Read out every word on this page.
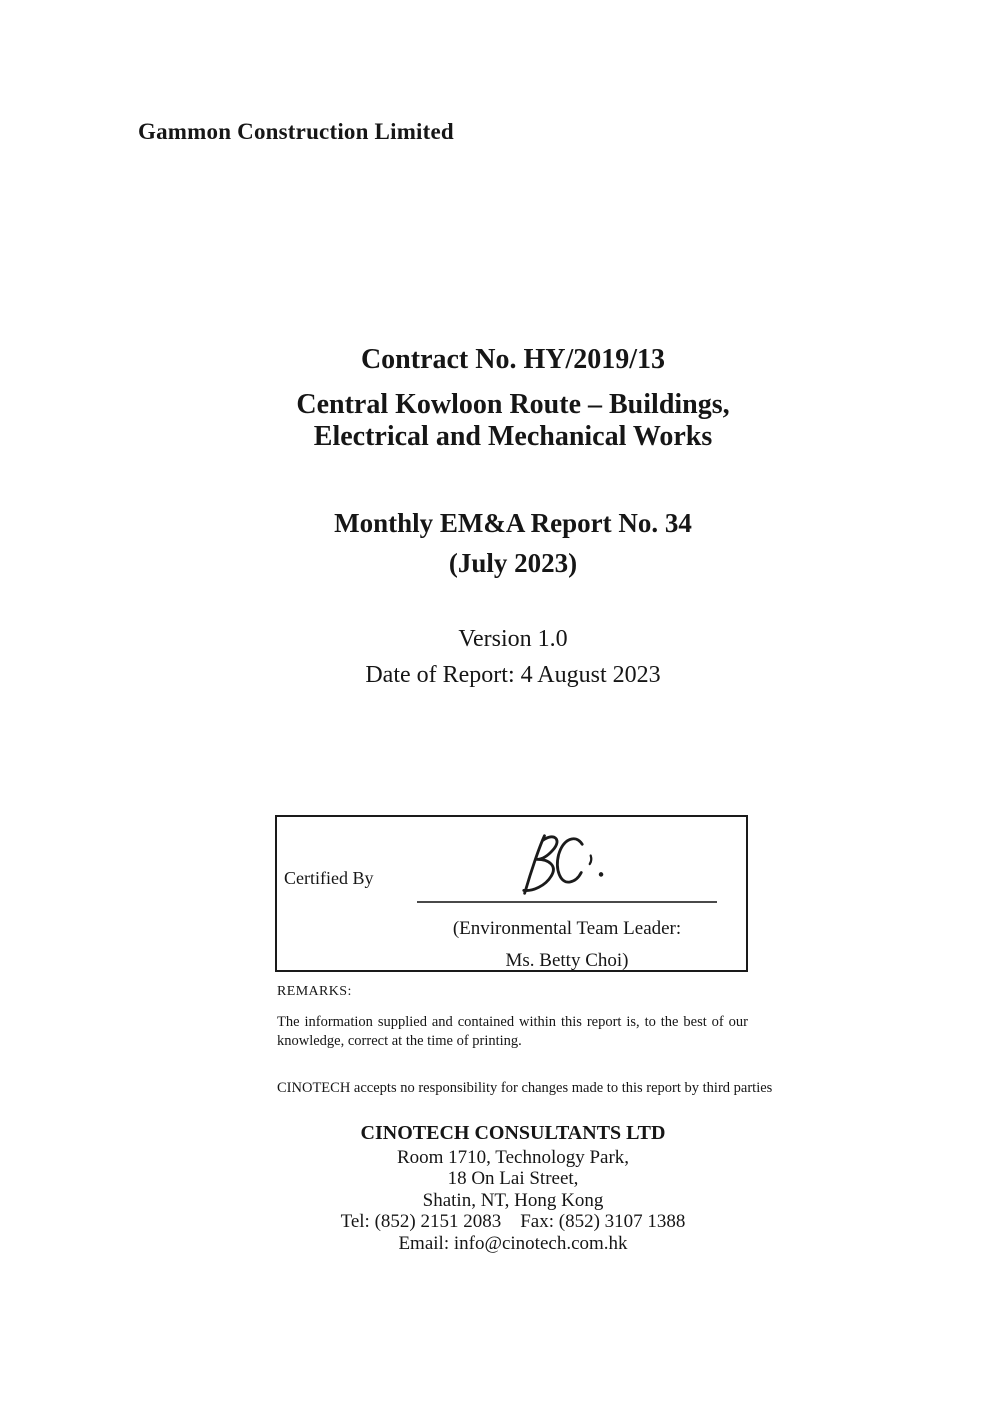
Gammon Construction Limited
Contract No. HY/2019/13
Central Kowloon Route – Buildings,
Electrical and Mechanical Works
Monthly EM&A Report No. 34
(July 2023)
Version 1.0
Date of Report: 4 August 2023
Certified By
(Environmental Team Leader:
Ms. Betty Choi)
REMARKS:
The information supplied and contained within this report is, to the best of our knowledge, correct at the time of printing.
CINOTECH accepts no responsibility for changes made to this report by third parties
CINOTECH CONSULTANTS LTD
Room 1710, Technology Park,
18 On Lai Street,
Shatin, NT, Hong Kong
Tel: (852) 2151 2083    Fax: (852) 3107 1388
Email: info@cinotech.com.hk
